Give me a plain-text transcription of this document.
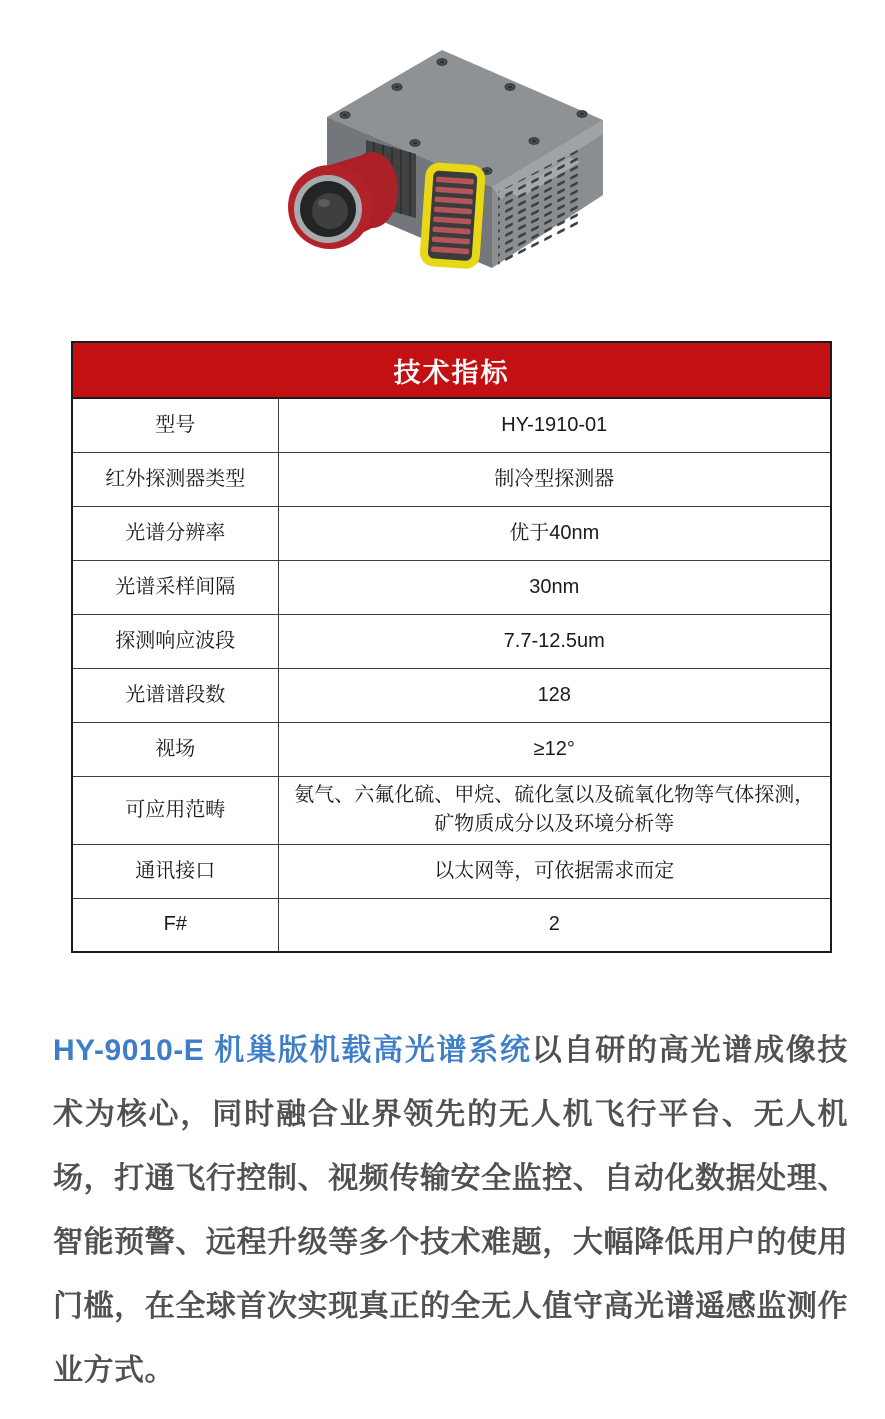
技术指标	
型号	HY-1910-01
红外探测器类型	制冷型探测器
光谱分辨率	优于40nm
光谱采样间隔	30nm
探测响应波段	7.7-12.5um
光谱谱段数	128
视场	≥12°
可应用范畴	氨气、六氟化硫、甲烷、硫化氢以及硫氧化物等气体探测，矿物质成分以及环境分析等
通讯接口	以太网等，可依据需求而定
F#	2

HY-9010-E 机巢版机载高光谱系统以自研的高光谱成像技术为核心，同时融合业界领先的无人机飞行平台、无人机场，打通飞行控制、视频传输安全监控、自动化数据处理、智能预警、远程升级等多个技术难题，大幅降低用户的使用门槛，在全球首次实现真正的全无人值守高光谱遥感监测作业方式。
